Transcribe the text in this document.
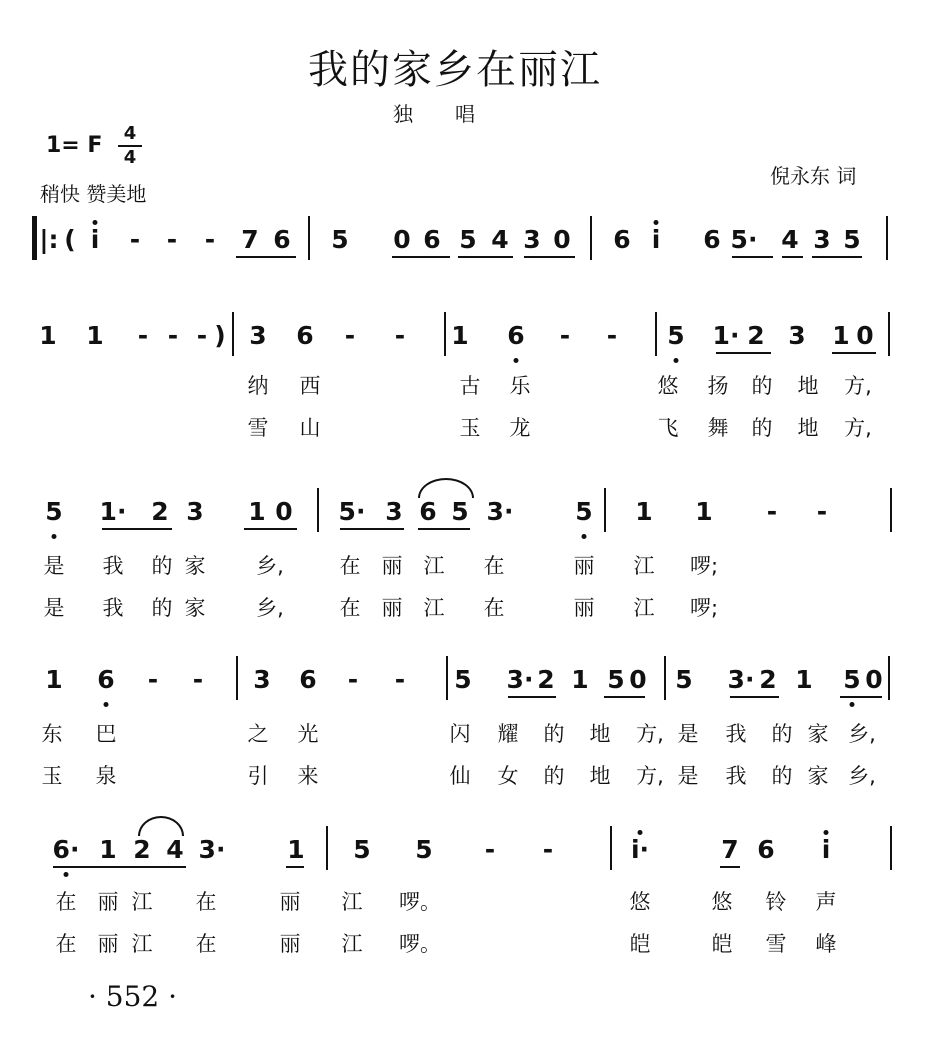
我的家乡在丽江
独唱
1= F	4
4
稍快 赞美地
倪永东 词
|: ( i - - - 7 6 5 0 6 5 4 3 0 6 i 6 5· 4 3 5
1 1 - - - ) 3 6 - - 1 6 - - 5 1· 2 3 1 0
纳 西	古 乐	悠 扬 的 地 方,
雪 山	玉 龙	飞 舞 的 地 方,
5 1· 2 3 1 0 5· 3 6 5 3· 5 1 1 - -
是 我 的 家 乡,	在 丽 江 在	丽 江 啰;
是 我 的 家 乡,	在 丽 江 在	丽 江 啰;
1 6 - - 3 6 - - 5 3· 2 1 5 0 5 3· 2 1 5 0
东 巴	之 光	闪 耀 的 地 方, 是 我 的 家 乡,
玉 泉	引 来	仙 女 的 地 方, 是 我 的 家 乡,
6· 1 2 4 3· 1 5 5 - -	i·	7 6 i
在 丽 江 在	丽 江 啰。	悠	悠 铃 声
在 丽 江 在	丽 江 啰。	皑	皑 雪 峰
· 552 ·
